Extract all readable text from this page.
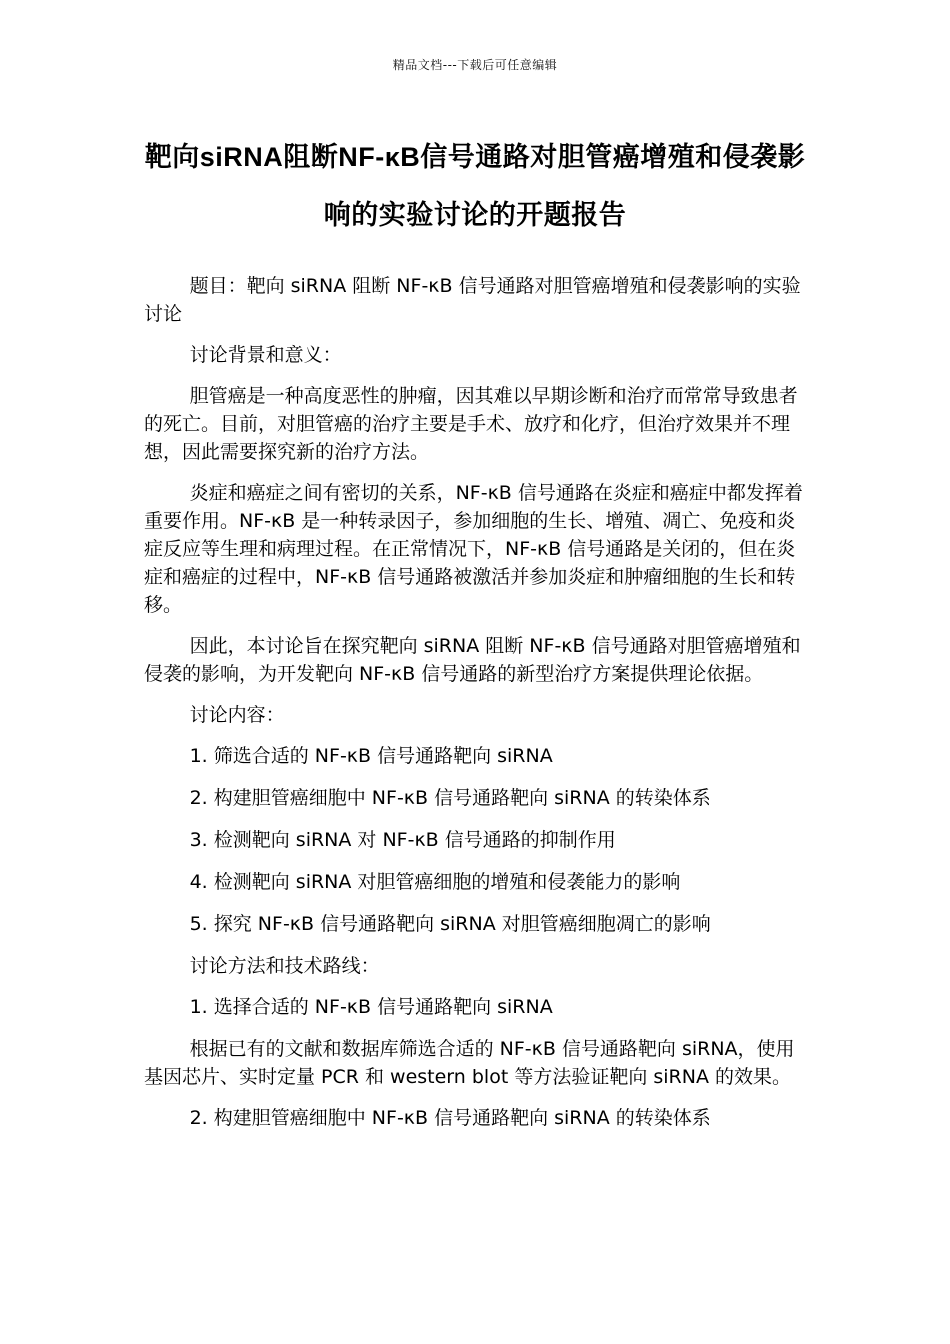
精品文档---下载后可任意编辑
靶向siRNA阻断NF-κB信号通路对胆管癌增殖和侵袭影响的实验讨论的开题报告

题目：靶向 siRNA 阻断 NF-κB 信号通路对胆管癌增殖和侵袭影响的实验讨论

讨论背景和意义：

胆管癌是一种高度恶性的肿瘤，因其难以早期诊断和治疗而常常导致患者的死亡。目前，对胆管癌的治疗主要是手术、放疗和化疗，但治疗效果并不理想，因此需要探究新的治疗方法。

炎症和癌症之间有密切的关系，NF-κB 信号通路在炎症和癌症中都发挥着重要作用。NF-κB 是一种转录因子，参加细胞的生长、增殖、凋亡、免疫和炎症反应等生理和病理过程。在正常情况下，NF-κB 信号通路是关闭的，但在炎症和癌症的过程中，NF-κB 信号通路被激活并参加炎症和肿瘤细胞的生长和转移。

因此，本讨论旨在探究靶向 siRNA 阻断 NF-κB 信号通路对胆管癌增殖和侵袭的影响，为开发靶向 NF-κB 信号通路的新型治疗方案提供理论依据。

讨论内容：

1. 筛选合适的 NF-κB 信号通路靶向 siRNA

2. 构建胆管癌细胞中 NF-κB 信号通路靶向 siRNA 的转染体系

3. 检测靶向 siRNA 对 NF-κB 信号通路的抑制作用

4. 检测靶向 siRNA 对胆管癌细胞的增殖和侵袭能力的影响

5. 探究 NF-κB 信号通路靶向 siRNA 对胆管癌细胞凋亡的影响

讨论方法和技术路线：

1. 选择合适的 NF-κB 信号通路靶向 siRNA

根据已有的文献和数据库筛选合适的 NF-κB 信号通路靶向 siRNA，使用基因芯片、实时定量 PCR 和 western blot 等方法验证靶向 siRNA 的效果。

2. 构建胆管癌细胞中 NF-κB 信号通路靶向 siRNA 的转染体系
